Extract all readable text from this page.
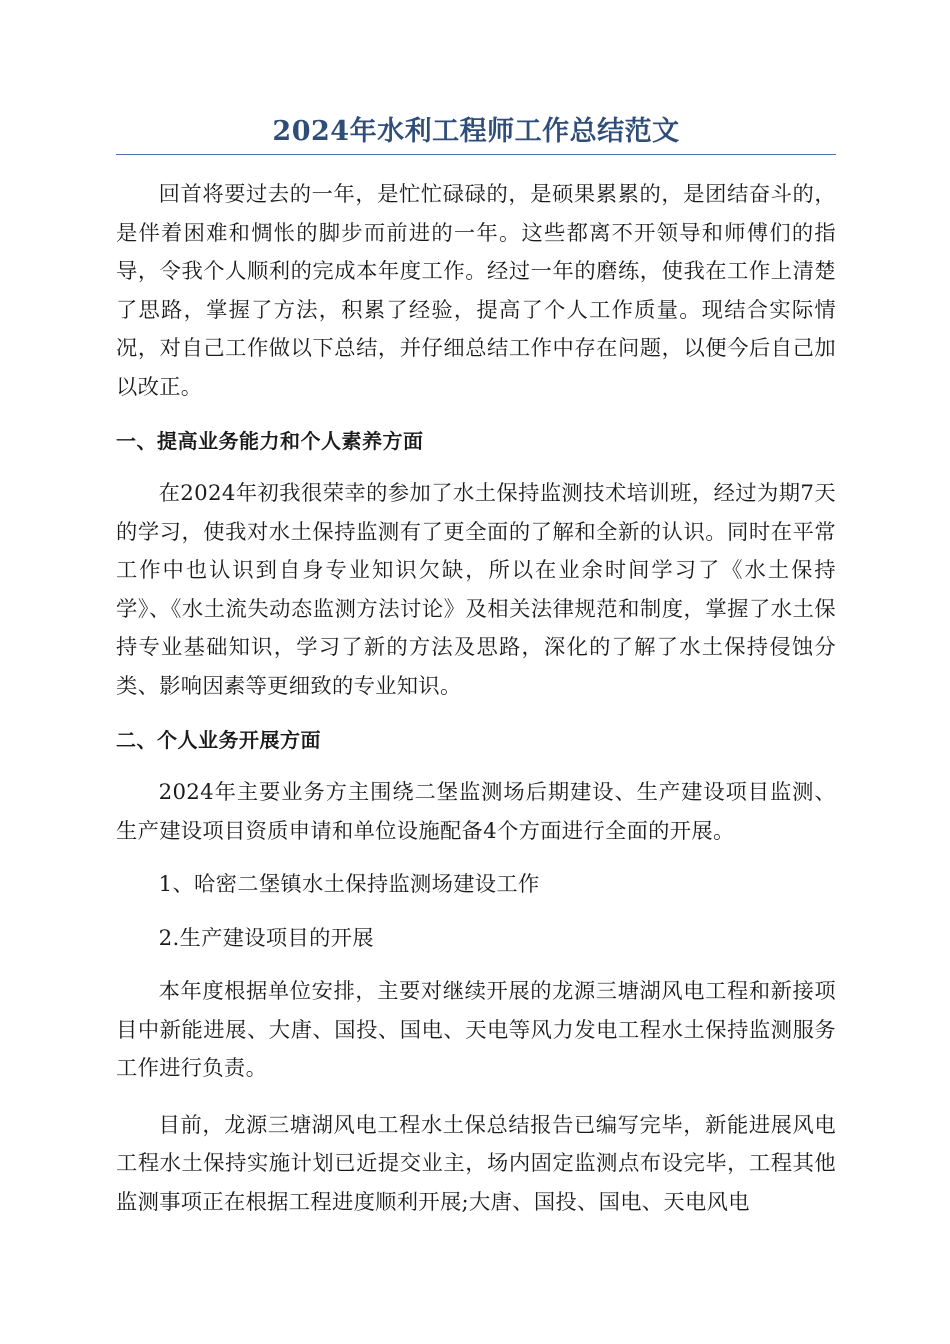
2024年水利工程师工作总结范文

回首将要过去的一年，是忙忙碌碌的，是硕果累累的，是团结奋斗的，是伴着困难和惆怅的脚步而前进的一年。这些都离不开领导和师傅们的指导，令我个人顺利的完成本年度工作。经过一年的磨练，使我在工作上清楚了思路，掌握了方法，积累了经验，提高了个人工作质量。现结合实际情况，对自己工作做以下总结，并仔细总结工作中存在问题，以便今后自己加以改正。

一、提高业务能力和个人素养方面

在2024年初我很荣幸的参加了水土保持监测技术培训班，经过为期7天的学习，使我对水土保持监测有了更全面的了解和全新的认识。同时在平常工作中也认识到自身专业知识欠缺，所以在业余时间学习了《水土保持学》、《水土流失动态监测方法讨论》及相关法律规范和制度，掌握了水土保持专业基础知识，学习了新的方法及思路，深化的了解了水土保持侵蚀分类、影响因素等更细致的专业知识。

二、个人业务开展方面

2024年主要业务方主围绕二堡监测场后期建设、生产建设项目监测、生产建设项目资质申请和单位设施配备4个方面进行全面的开展。

1、哈密二堡镇水土保持监测场建设工作

2.生产建设项目的开展

本年度根据单位安排，主要对继续开展的龙源三塘湖风电工程和新接项目中新能进展、大唐、国投、国电、天电等风力发电工程水土保持监测服务工作进行负责。

目前，龙源三塘湖风电工程水土保总结报告已编写完毕，新能进展风电工程水土保持实施计划已近提交业主，场内固定监测点布设完毕，工程其他监测事项正在根据工程进度顺利开展;大唐、国投、国电、天电风电
